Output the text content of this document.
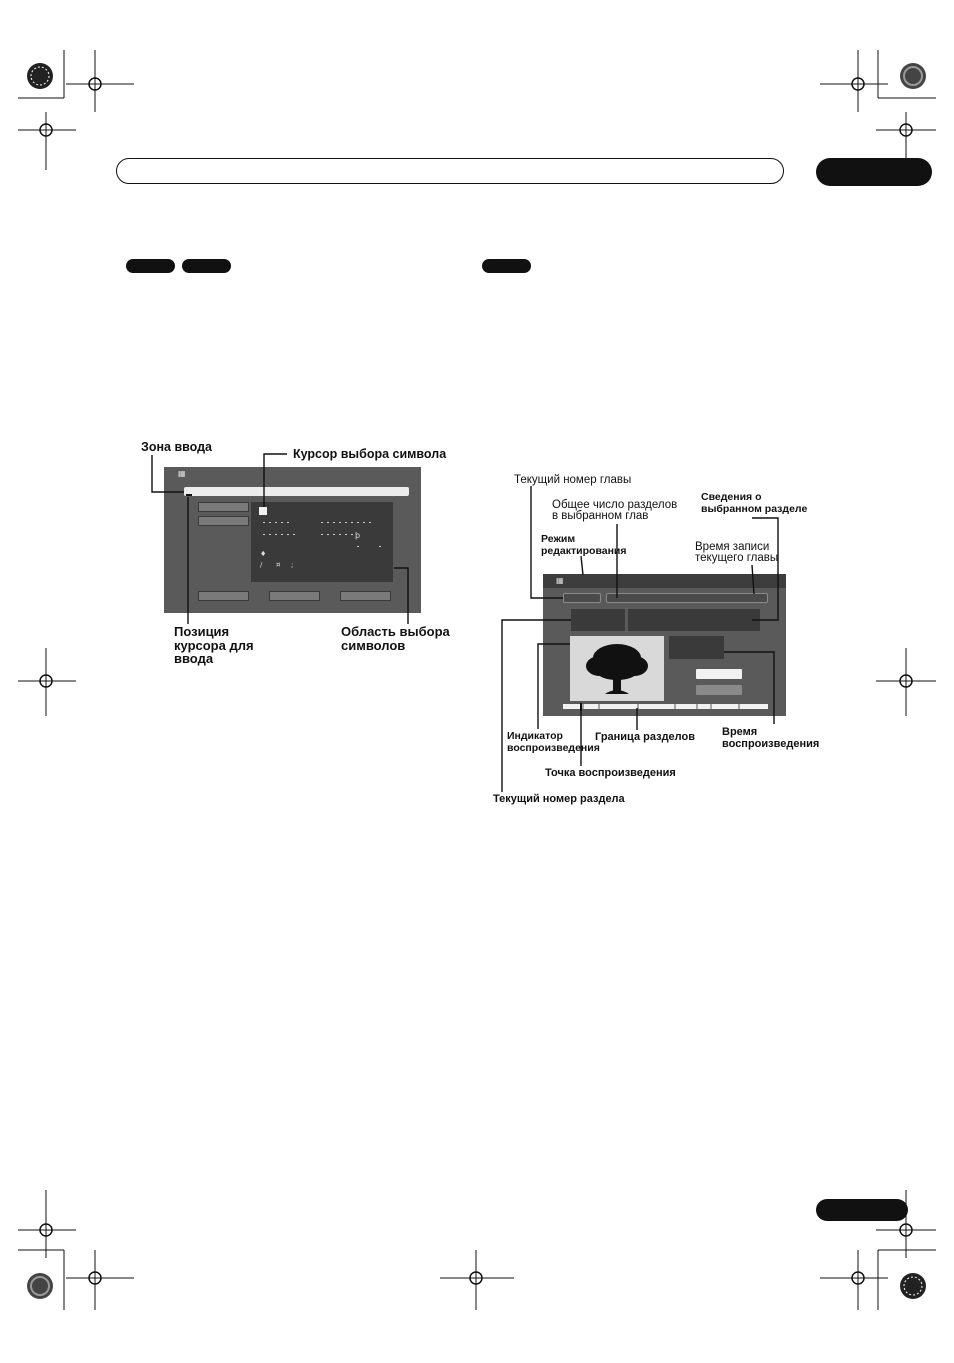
▦
þ
♦
/ ¤ ;
Зона ввода	Курсор выбора символа
Позиция
курсора для
ввода
Область выбора
символов
▦
Текущий номер главы
Общее число разделов
в выбранном глав
Сведения о
выбранном разделе
Режим
редактирования	Время записи
текущего главы
Индикатор
воспроизведения
Граница разделов Время
воспроизведения
Точка воспроизведения
Текущий номер раздела
